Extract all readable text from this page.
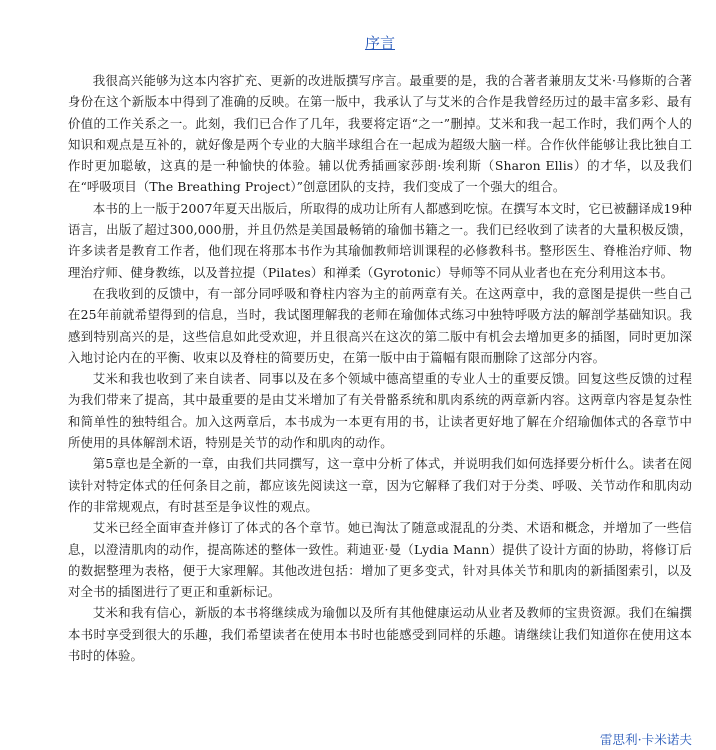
序言

我很高兴能够为这本内容扩充、更新的改进版撰写序言。最重要的是，我的合著者兼朋友艾米·马修斯的合著身份在这个新版本中得到了准确的反映。在第一版中，我承认了与艾米的合作是我曾经历过的最丰富多彩、最有价值的工作关系之一。此刻，我们已合作了几年，我要将定语“之一”删掉。艾米和我一起工作时，我们两个人的知识和观点是互补的，就好像是两个专业的大脑半球组合在一起成为超级大脑一样。合作伙伴能够让我比独自工作时更加聪敏，这真的是一种愉快的体验。辅以优秀插画家莎朗·埃利斯（Sharon Ellis）的才华，以及我们在“呼吸项目（The Breathing Project）”创意团队的支持，我们变成了一个强大的组合。

本书的上一版于2007年夏天出版后，所取得的成功让所有人都感到吃惊。在撰写本文时，它已被翻译成19种语言，出版了超过300,000册，并且仍然是美国最畅销的瑜伽书籍之一。我们已经收到了读者的大量积极反馈，许多读者是教育工作者，他们现在将那本书作为其瑜伽教师培训课程的必修教科书。整形医生、脊椎治疗师、物理治疗师、健身教练，以及普拉提（Pilates）和禅柔（Gyrotonic）导师等不同从业者也在充分利用这本书。

在我收到的反馈中，有一部分同呼吸和脊柱内容为主的前两章有关。在这两章中，我的意图是提供一些自己在25年前就希望得到的信息，当时，我试图理解我的老师在瑜伽体式练习中独特呼吸方法的解剖学基础知识。我感到特别高兴的是，这些信息如此受欢迎，并且很高兴在这次的第二版中有机会去增加更多的插图，同时更加深入地讨论内在的平衡、收束以及脊柱的简要历史，在第一版中由于篇幅有限而删除了这部分内容。

艾米和我也收到了来自读者、同事以及在多个领域中德高望重的专业人士的重要反馈。回复这些反馈的过程为我们带来了提高，其中最重要的是由艾米增加了有关骨骼系统和肌肉系统的两章新内容。这两章内容是复杂性和简单性的独特组合。加入这两章后，本书成为一本更有用的书，让读者更好地了解在介绍瑜伽体式的各章节中所使用的具体解剖术语，特别是关节的动作和肌肉的动作。

第5章也是全新的一章，由我们共同撰写，这一章中分析了体式，并说明我们如何选择要分析什么。读者在阅读针对特定体式的任何条目之前，都应该先阅读这一章，因为它解释了我们对于分类、呼吸、关节动作和肌肉动作的非常规观点，有时甚至是争议性的观点。

艾米已经全面审查并修订了体式的各个章节。她已淘汰了随意或混乱的分类、术语和概念，并增加了一些信息，以澄清肌肉的动作，提高陈述的整体一致性。莉迪亚·曼（Lydia Mann）提供了设计方面的协助，将修订后的数据整理为表格，便于大家理解。其他改进包括：增加了更多变式，针对具体关节和肌肉的新插图索引，以及对全书的插图进行了更正和重新标记。

艾米和我有信心，新版的本书将继续成为瑜伽以及所有其他健康运动从业者及教师的宝贵资源。我们在编撰本书时享受到很大的乐趣，我们希望读者在使用本书时也能感受到同样的乐趣。请继续让我们知道你在使用这本书时的体验。

雷思利·卡米诺夫
